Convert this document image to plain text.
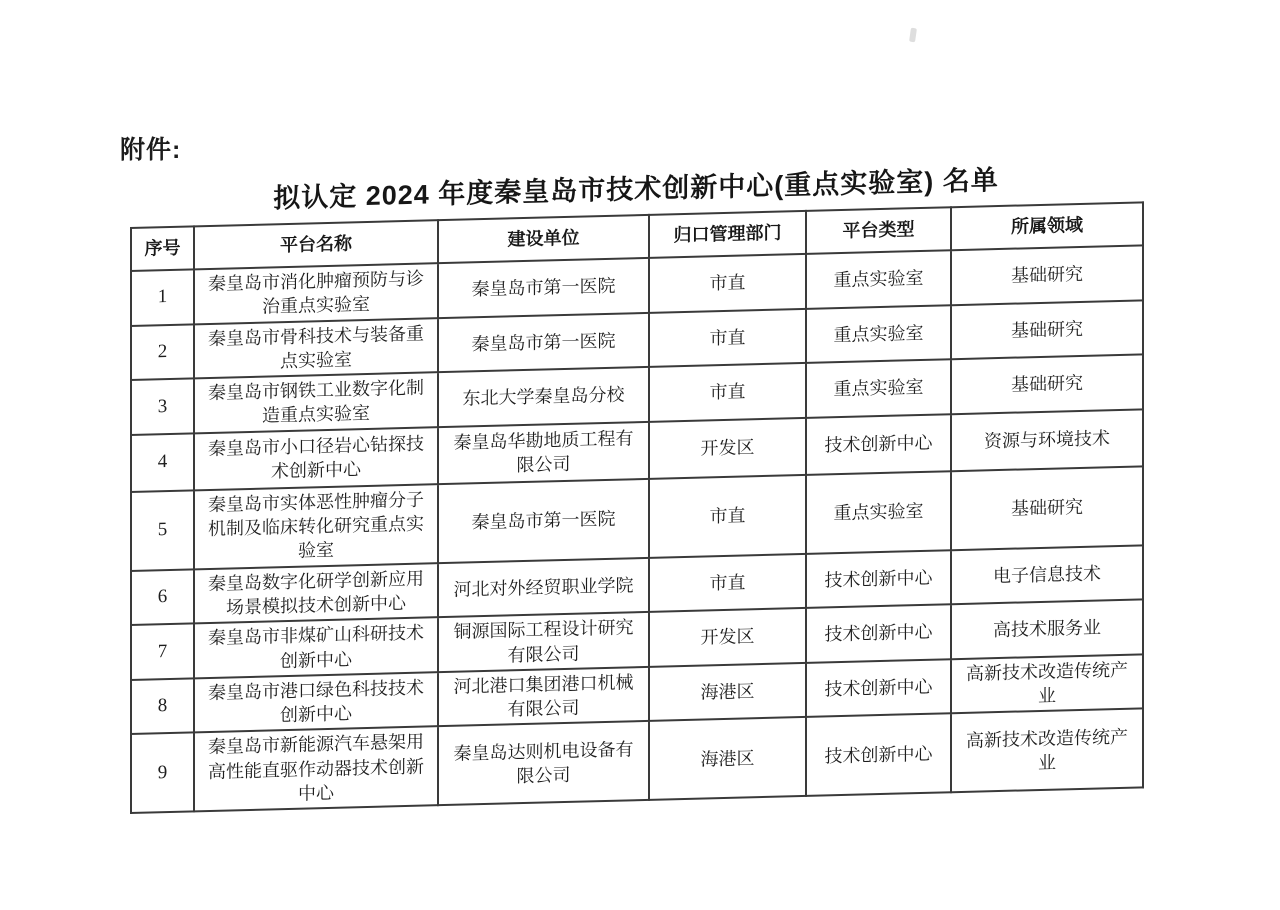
附件:
拟认定 2024 年度秦皇岛市技术创新中心(重点实验室) 名单
序号	平台名称	建设单位	归口管理部门	平台类型	所属领域
1	秦皇岛市消化肿瘤预防与诊治重点实验室	秦皇岛市第一医院	市直	重点实验室	基础研究
2	秦皇岛市骨科技术与装备重点实验室	秦皇岛市第一医院	市直	重点实验室	基础研究
3	秦皇岛市钢铁工业数字化制造重点实验室	东北大学秦皇岛分校	市直	重点实验室	基础研究
4	秦皇岛市小口径岩心钻探技术创新中心	秦皇岛华勘地质工程有限公司	开发区	技术创新中心	资源与环境技术
5	秦皇岛市实体恶性肿瘤分子机制及临床转化研究重点实验室	秦皇岛市第一医院	市直	重点实验室	基础研究
6	秦皇岛数字化研学创新应用场景模拟技术创新中心	河北对外经贸职业学院	市直	技术创新中心	电子信息技术
7	秦皇岛市非煤矿山科研技术创新中心	铜源国际工程设计研究有限公司	开发区	技术创新中心	高技术服务业
8	秦皇岛市港口绿色科技技术创新中心	河北港口集团港口机械有限公司	海港区	技术创新中心	高新技术改造传统产业
9	秦皇岛市新能源汽车悬架用高性能直驱作动器技术创新中心	秦皇岛达则机电设备有限公司	海港区	技术创新中心	高新技术改造传统产业
